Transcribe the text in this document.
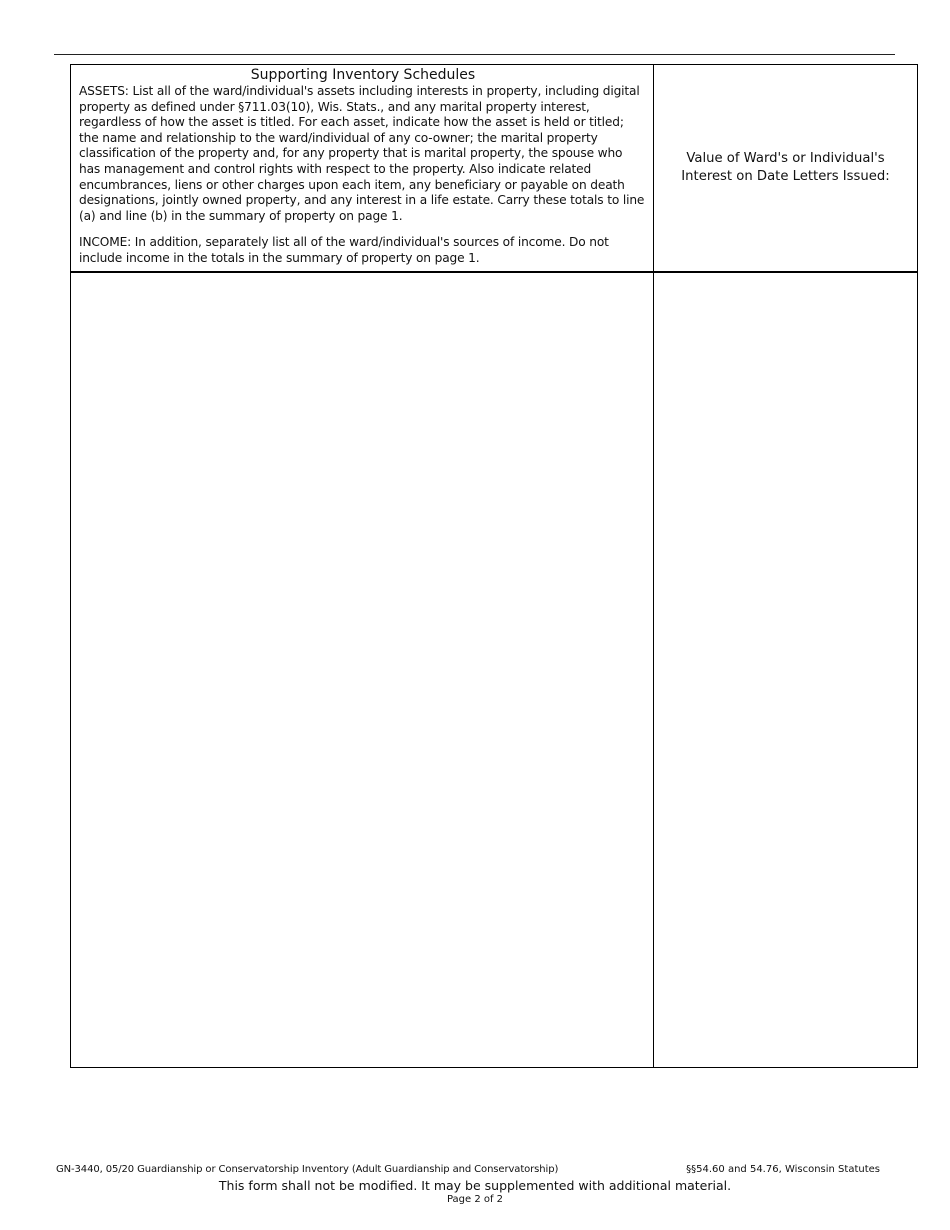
Supporting Inventory Schedules

ASSETS: List all of the ward/individual's assets including interests in property, including digital property as defined under §711.03(10), Wis. Stats., and any marital property interest, regardless of how the asset is titled. For each asset, indicate how the asset is held or titled; the name and relationship to the ward/individual of any co-owner; the marital property classification of the property and, for any property that is marital property, the spouse who has management and control rights with respect to the property. Also indicate related encumbrances, liens or other charges upon each item, any beneficiary or payable on death designations, jointly owned property, and any interest in a life estate. Carry these totals to line (a) and line (b) in the summary of property on page 1.

INCOME: In addition, separately list all of the ward/individual's sources of income. Do not include income in the totals in the summary of property on page 1.

Value of Ward's or Individual's Interest on Date Letters Issued:
GN-3440, 05/20 Guardianship or Conservatorship Inventory (Adult Guardianship and Conservatorship)	§§54.60 and 54.76, Wisconsin Statutes
This form shall not be modified. It may be supplemented with additional material.
Page 2 of 2
